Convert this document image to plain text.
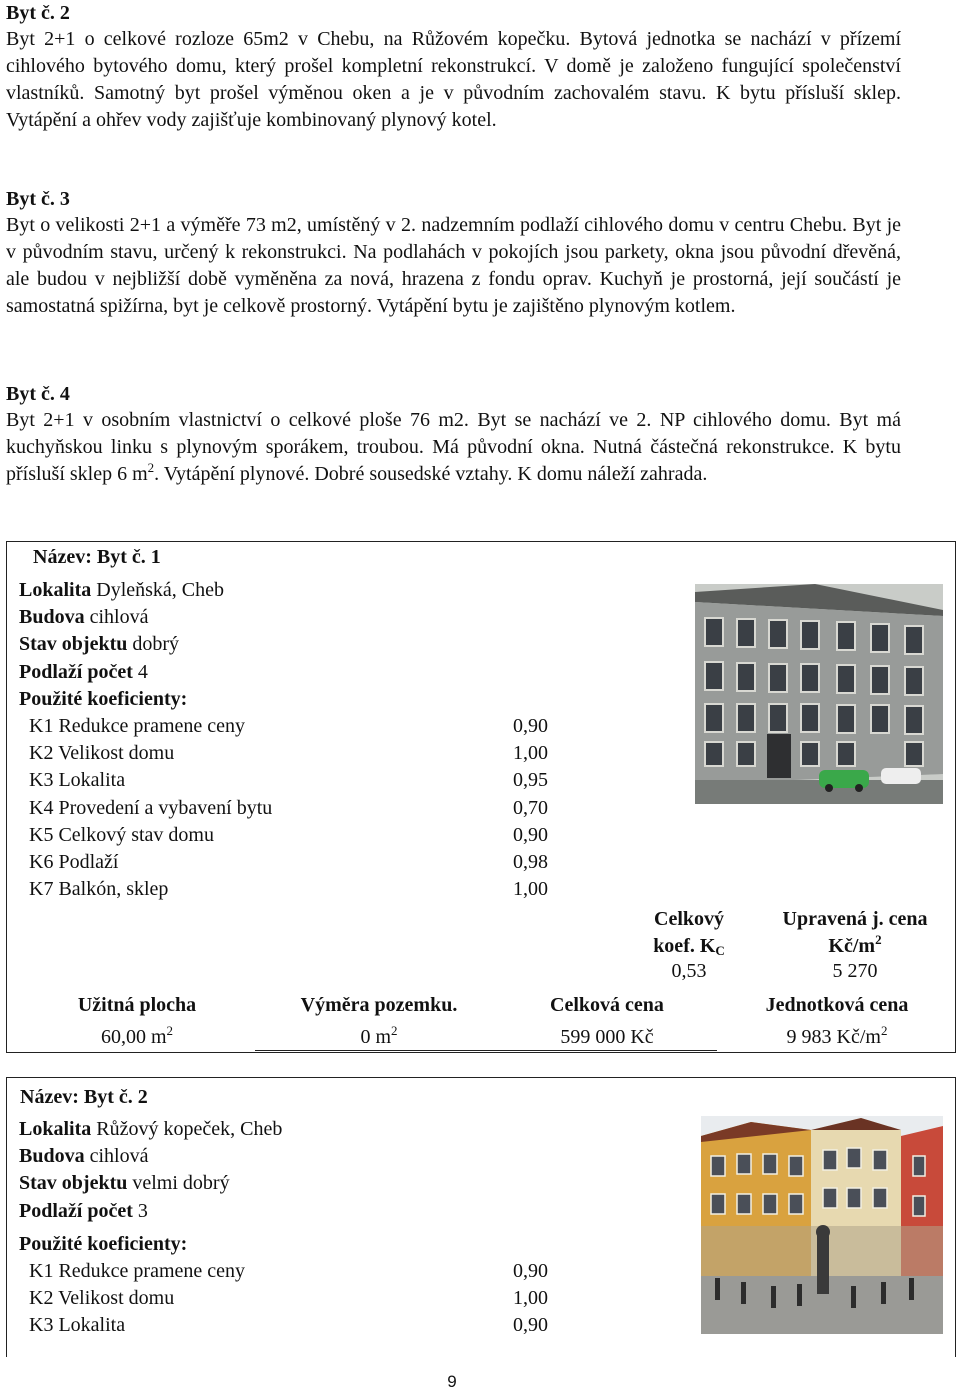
Byt č. 2

Byt 2+1 o celkové rozloze 65m2 v Chebu, na Růžovém kopečku. Bytová jednotka se nachází v přízemí cihlového bytového domu, který prošel kompletní rekonstrukcí. V domě je založeno fungující společenství vlastníků. Samotný byt prošel výměnou oken a je v původním zachovalém stavu. K bytu přísluší sklep. Vytápění a ohřev vody zajišťuje kombinovaný plynový kotel.

Byt č. 3

Byt o velikosti 2+1 a výměře 73 m2, umístěný v 2. nadzemním podlaží cihlového domu v centru Chebu. Byt je v původním stavu, určený k rekonstrukci. Na podlahách v pokojích jsou parkety, okna jsou původní dřevěná, ale budou v nejbližší době vyměněna za nová, hrazena z fondu oprav. Kuchyň je prostorná, její součástí je samostatná spižírna, byt je celkově prostorný. Vytápění bytu je zajištěno plynovým kotlem.

Byt č. 4

Byt 2+1 v osobním vlastnictví o celkové ploše 76 m2. Byt se nachází ve 2. NP cihlového domu. Byt má kuchyňskou linku s plynovým sporákem, troubou. Má původní okna. Nutná částečná rekonstrukce. K bytu přísluší sklep 6 $m^2$. Vytápění plynové. Dobré sousedské vztahy. K domu náleží zahrada.

Název: Byt č. 1
Lokalita Dyleňská, Cheb
Budova cihlová
Stav objektu dobrý
Podlaží počet 4
Použité koeficienty:
K1 Redukce pramene ceny	0,90
K2 Velikost domu	1,00
K3 Lokalita	0,95
K4 Provedení a vybavení bytu	0,70
K5 Celkový stav domu	0,90
K6 Podlaží	0,98
K7 Balkón, sklep	1,00
Celkový
koef. $K_C$
0,53
Upravená j. cena
$Kč/m^2$
5 270
Užitná plocha	Výměra pozemku.	Celková cena	Jednotková cena
60,00 $m^2$	0 $m^2$	599 000 Kč	9 983 $Kč/m^2$
Název: Byt č. 2
Lokalita Růžový kopeček, Cheb
Budova cihlová
Stav objektu velmi dobrý
Podlaží počet 3
Použité koeficienty:
K1 Redukce pramene ceny	0,90
K2 Velikost domu	1,00
K3 Lokalita	0,90
9
